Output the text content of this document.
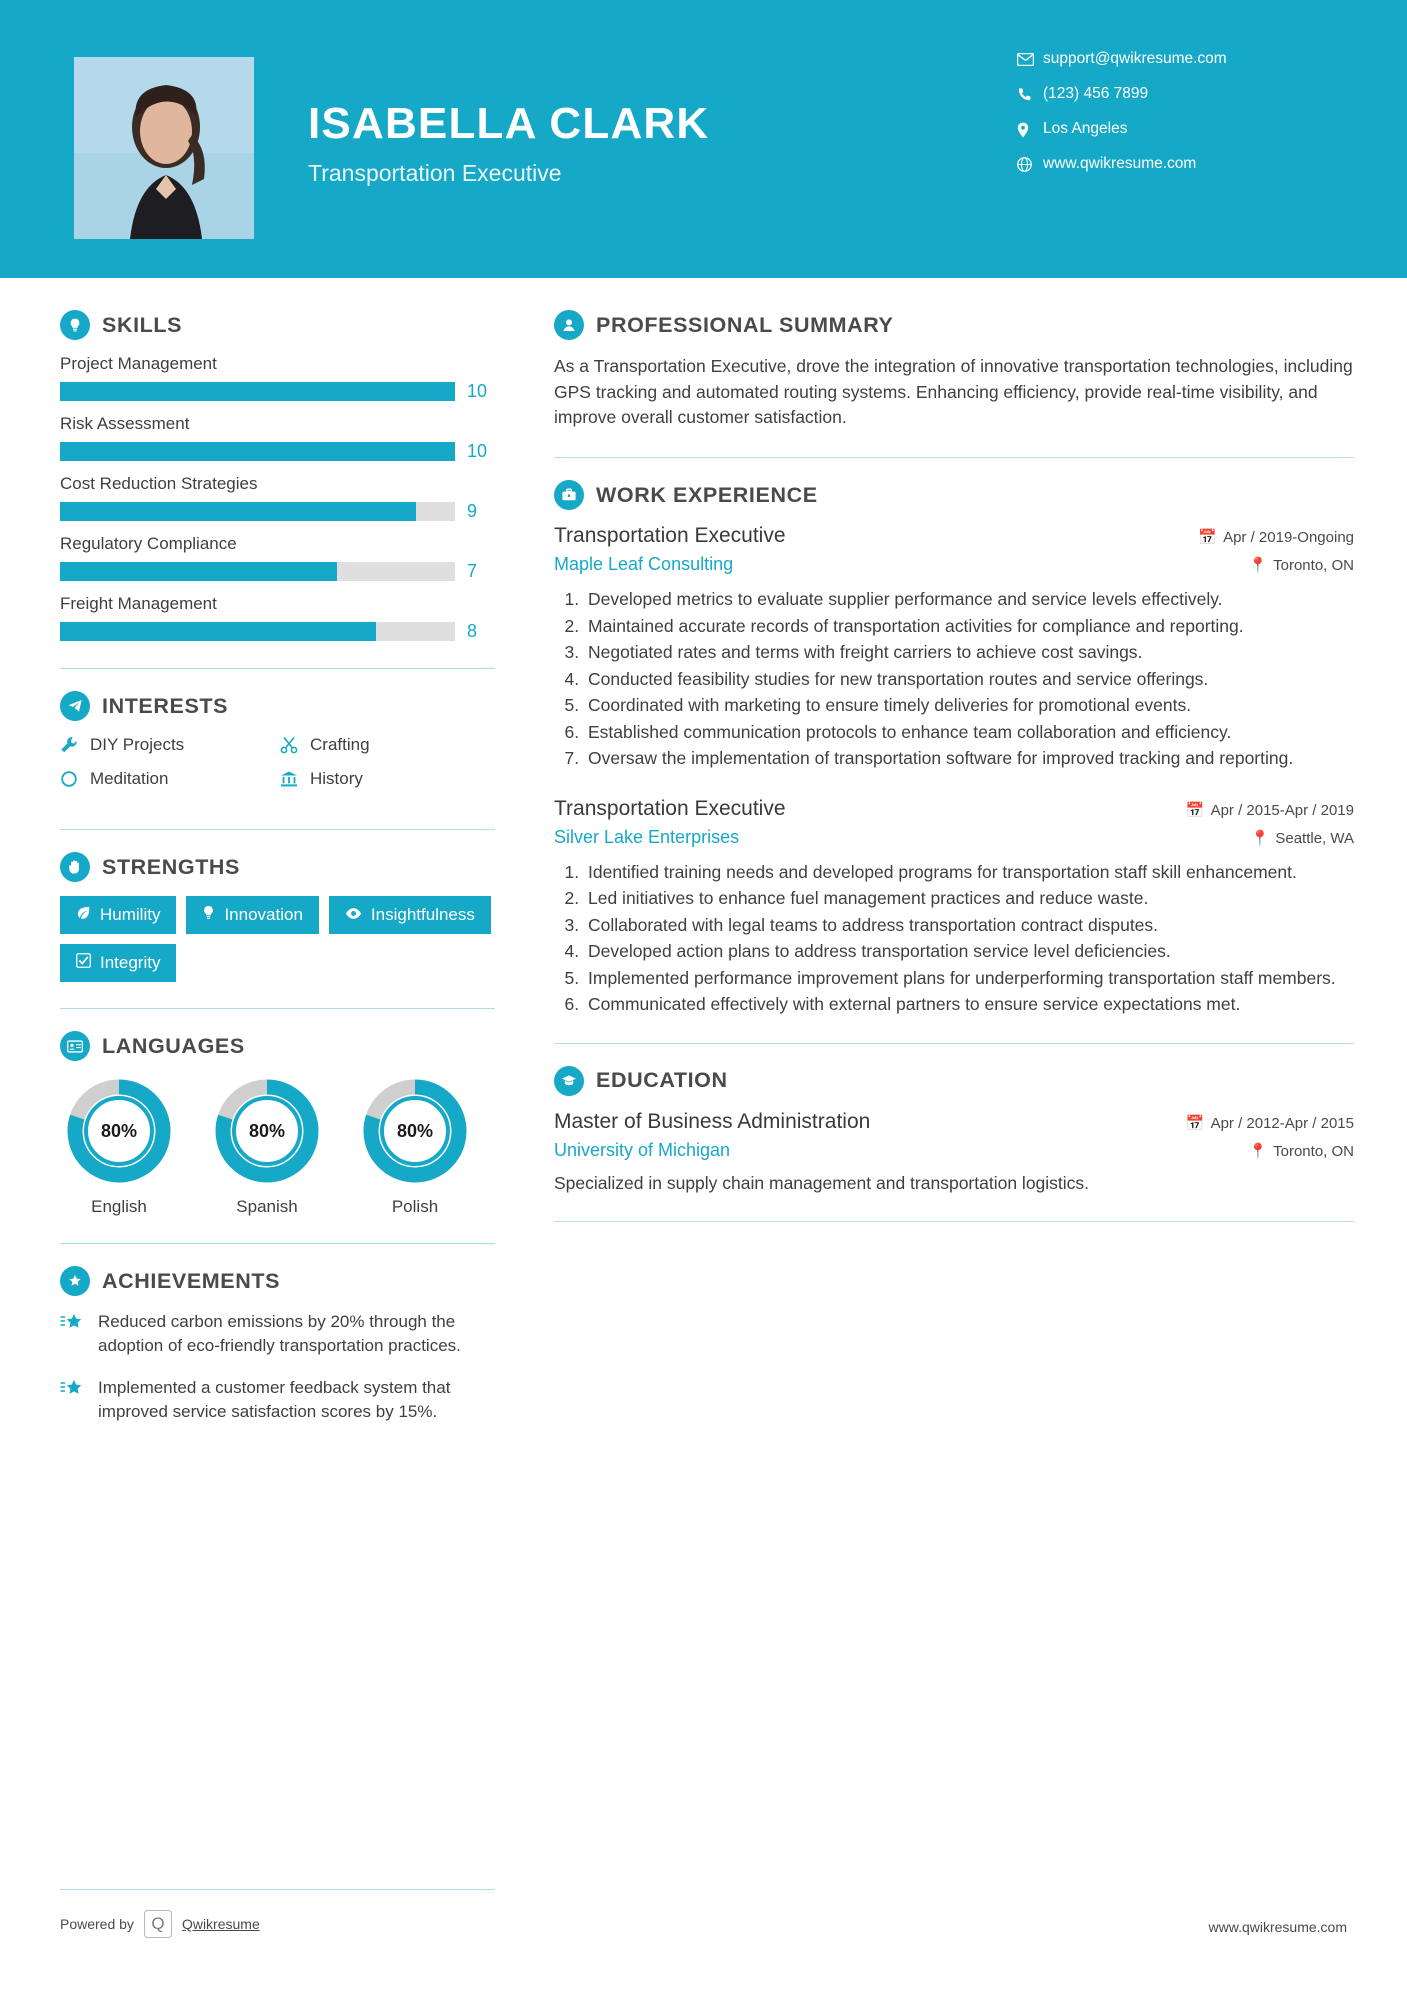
ISABELLA CLARK
Transportation Executive
support@qwikresume.com
(123) 456 7899
Los Angeles
www.qwikresume.com
SKILLS
Project Management
10
Risk Assessment
10
Cost Reduction Strategies
9
Regulatory Compliance
7
Freight Management
8
INTERESTS
DIY Projects	Crafting
Meditation	History
STRENGTHS
Humility	Innovation	Insightfulness
Integrity
LANGUAGES
80%
English
80%
Spanish
80%
Polish
ACHIEVEMENTS
Reduced carbon emissions by 20% through the adoption of eco-friendly transportation practices.
Implemented a customer feedback system that improved service satisfaction scores by 15%.
PROFESSIONAL SUMMARY
As a Transportation Executive, drove the integration of innovative transportation technologies, including GPS tracking and automated routing systems. Enhancing efficiency, provide real-time visibility, and improve overall customer satisfaction.
WORK EXPERIENCE
Transportation Executive	📅 Apr / 2019-Ongoing
Maple Leaf Consulting	📍 Toronto, ON
1. Developed metrics to evaluate supplier performance and service levels effectively.
2. Maintained accurate records of transportation activities for compliance and reporting.
3. Negotiated rates and terms with freight carriers to achieve cost savings.
4. Conducted feasibility studies for new transportation routes and service offerings.
5. Coordinated with marketing to ensure timely deliveries for promotional events.
6. Established communication protocols to enhance team collaboration and efficiency.
7. Oversaw the implementation of transportation software for improved tracking and reporting.
Transportation Executive	📅 Apr / 2015-Apr / 2019
Silver Lake Enterprises	📍 Seattle, WA
1. Identified training needs and developed programs for transportation staff skill enhancement.
2. Led initiatives to enhance fuel management practices and reduce waste.
3. Collaborated with legal teams to address transportation contract disputes.
4. Developed action plans to address transportation service level deficiencies.
5. Implemented performance improvement plans for underperforming transportation staff members.
6. Communicated effectively with external partners to ensure service expectations met.
EDUCATION
Master of Business Administration	📅 Apr / 2012-Apr / 2015
University of Michigan	📍 Toronto, ON
Specialized in supply chain management and transportation logistics.
Powered by	Q	Qwikresume	www.qwikresume.com
